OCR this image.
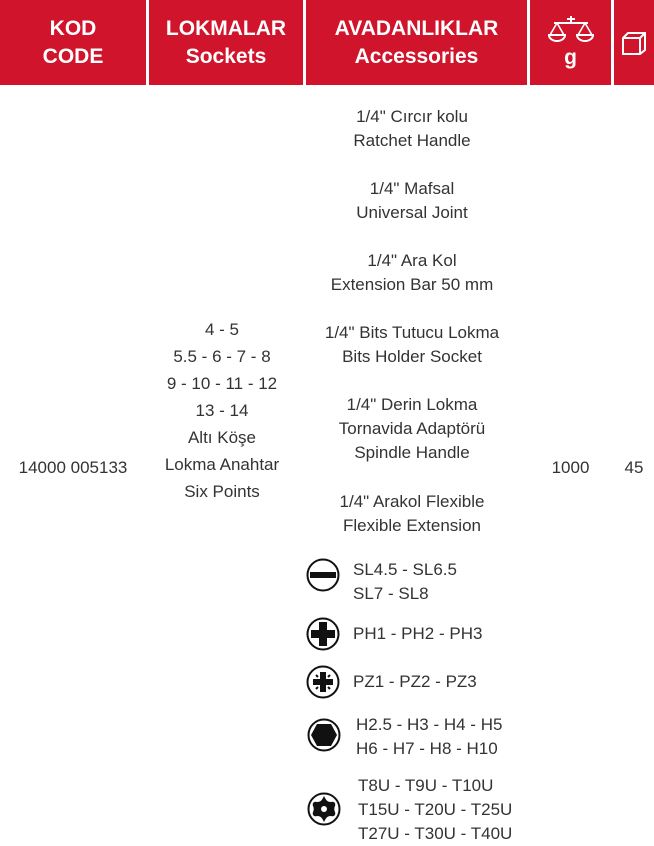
KOD
CODE
LOKMALAR
Sockets
AVADANLIKLAR
Accessories	g
14000 005133
4 - 5
5.5 - 6 - 7 - 8
9 - 10 - 11 - 12
13 - 14
Altı Köşe
Lokma Anahtar
Six Points
1/4" Cırcır kolu
Ratchet Handle
1/4" Mafsal
Universal Joint
1/4" Ara Kol
Extension Bar 50 mm
1/4" Bits Tutucu Lokma
Bits Holder Socket
1/4" Derin Lokma
Tornavida Adaptörü
Spindle Handle
1/4" Arakol Flexible
Flexible Extension
SL4.5 - SL6.5
SL7 - SL8
PH1 - PH2 - PH3
PZ1 - PZ2 - PZ3
H2.5 - H3 - H4 - H5
H6 - H7 - H8 - H10
T8U - T9U - T10U
T15U - T20U - T25U
T27U - T30U - T40U
1000	45
